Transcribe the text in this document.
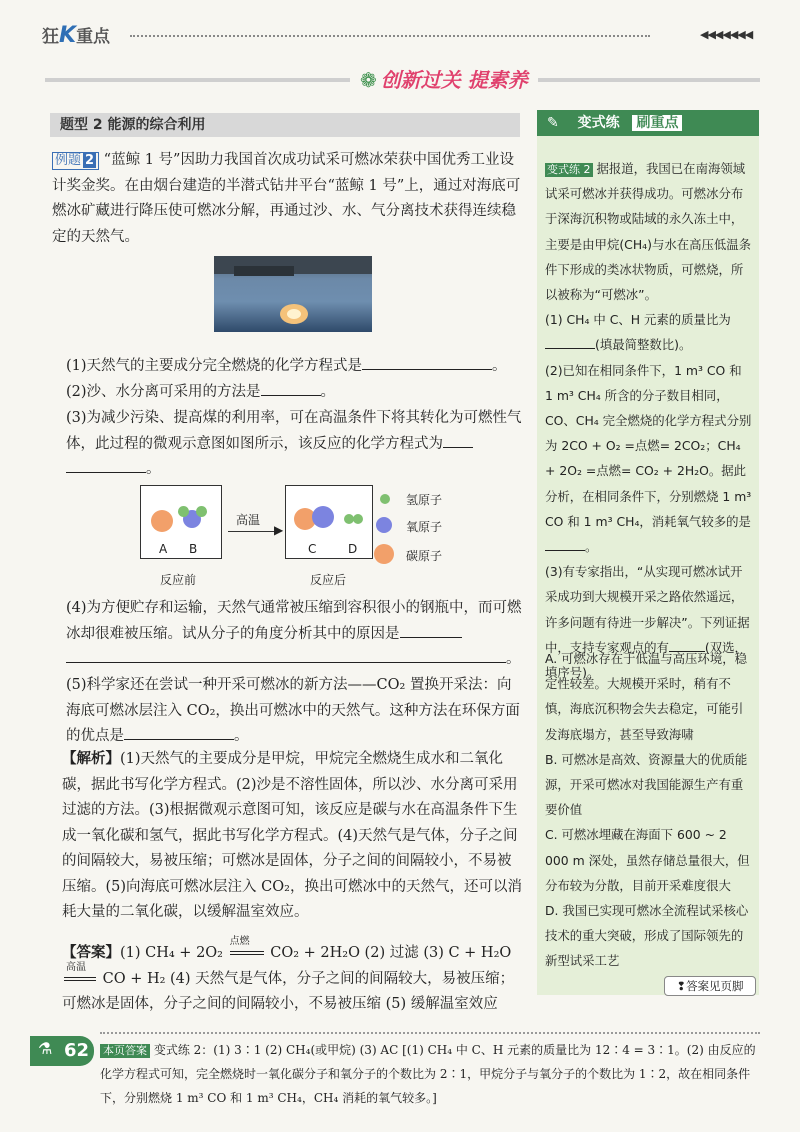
狂K重点	◀◀◀◀◀◀◀
❁ 创新过关 提素养
题型 2 能源的综合利用
例题 2 “蓝鲸 1 号”因助力我国首次成功试采可燃冰荣获中国优秀工业设计奖金奖。在由烟台建造的半潜式钻井平台“蓝鲸 1 号”上，通过对海底可燃冰矿藏进行降压使可燃冰分解，再通过沙、水、气分离技术获得连续稳定的天然气。
(1)天然气的主要成分完全燃烧的化学方程式是	。
(2)沙、水分离可采用的方法是	。
(3)为减少污染、提高煤的利用率，可在高温条件下将其转化为可燃性气体，此过程的微观示意图如图所示，该反应的化学方程式为 。
A B
高温
▶
C	D
反应前	反应后
氢原子
氧原子
碳原子
(4)为方便贮存和运输，天然气通常被压缩到容积很小的钢瓶中，而可燃冰却很难被压缩。试从分子的角度分析其中的原因是 。
(5)科学家还在尝试一种开采可燃冰的新方法——CO₂ 置换开采法：向海底可燃冰层注入 CO₂，换出可燃冰中的天然气。这种方法在环保方面的优点是	。
【解析】(1)天然气的主要成分是甲烷，甲烷完全燃烧生成水和二氧化碳，据此书写化学方程式。(2)沙是不溶性固体，所以沙、水分离可采用过滤的方法。(3)根据微观示意图可知，该反应是碳与水在高温条件下生成一氧化碳和氢气，据此书写化学方程式。(4)天然气是气体，分子之间的间隔较大，易被压缩；可燃冰是固体，分子之间的间隔较小，不易被压缩。(5)向海底可燃冰层注入 CO₂，换出可燃冰中的天然气，还可以消耗大量的二氧化碳，以缓解温室效应。
【答案】(1) CH₄ + 2O₂
点燃
CO₂ + 2H₂O (2) 过滤 (3) C + H₂O
高温
CO + H₂ (4) 天然气是气体，分子之间的间隔较大，易被压缩；可燃冰是固体，分子之间的间隔较小，不易被压缩 (5) 缓解温室效应
✎ 变式练 刷重点
变式练 2 据报道，我国已在南海领域试采可燃冰并获得成功。可燃冰分布于深海沉积物或陆域的永久冻土中，主要是由甲烷(CH₄)与水在高压低温条件下形成的类冰状物质，可燃烧，所以被称为“可燃冰”。
(1) CH₄ 中 C、H 元素的质量比为
(填最简整数比)。
(2)已知在相同条件下，1 m³ CO 和 1 m³ CH₄ 所含的分子数目相同，CO、CH₄ 完全燃烧的化学方程式分别为 2CO + O₂ =点燃= 2CO₂；CH₄ + 2O₂ =点燃= CO₂ + 2H₂O。据此分析，在相同条件下，分别燃烧 1 m³ CO 和 1 m³ CH₄，消耗氧气较多的是。
(3)有专家指出，“从实现可燃冰试开采成功到大规模开采之路依然遥远，许多问题有待进一步解决”。下列证据中，支持专家观点的有	(双选，填序号)。
A. 可燃冰存在于低温与高压环境，稳定性较差。大规模开采时，稍有不慎，海底沉积物会失去稳定，可能引发海底塌方，甚至导致海啸
B. 可燃冰是高效、资源量大的优质能源，开采可燃冰对我国能源生产有重要价值
C. 可燃冰埋藏在海面下 600 ~ 2 000 m 深处，虽然存储总量很大，但分布较为分散，目前开采难度很大
D. 我国已实现可燃冰全流程试采核心技术的重大突破，形成了国际领先的新型试采工艺
❢答案见页脚
⚗ 62 本页答案 变式练 2：(1) 3∶1 (2) CH₄(或甲烷) (3) AC [(1) CH₄ 中 C、H 元素的质量比为 12∶4 = 3∶1。(2) 由反应的化学方程式可知，完全燃烧时一氧化碳分子和氧分子的个数比为 2∶1，甲烷分子与氧分子的个数比为 1∶2，故在相同条件下，分别燃烧 1 m³ CO 和 1 m³ CH₄，CH₄ 消耗的氧气较多。]
